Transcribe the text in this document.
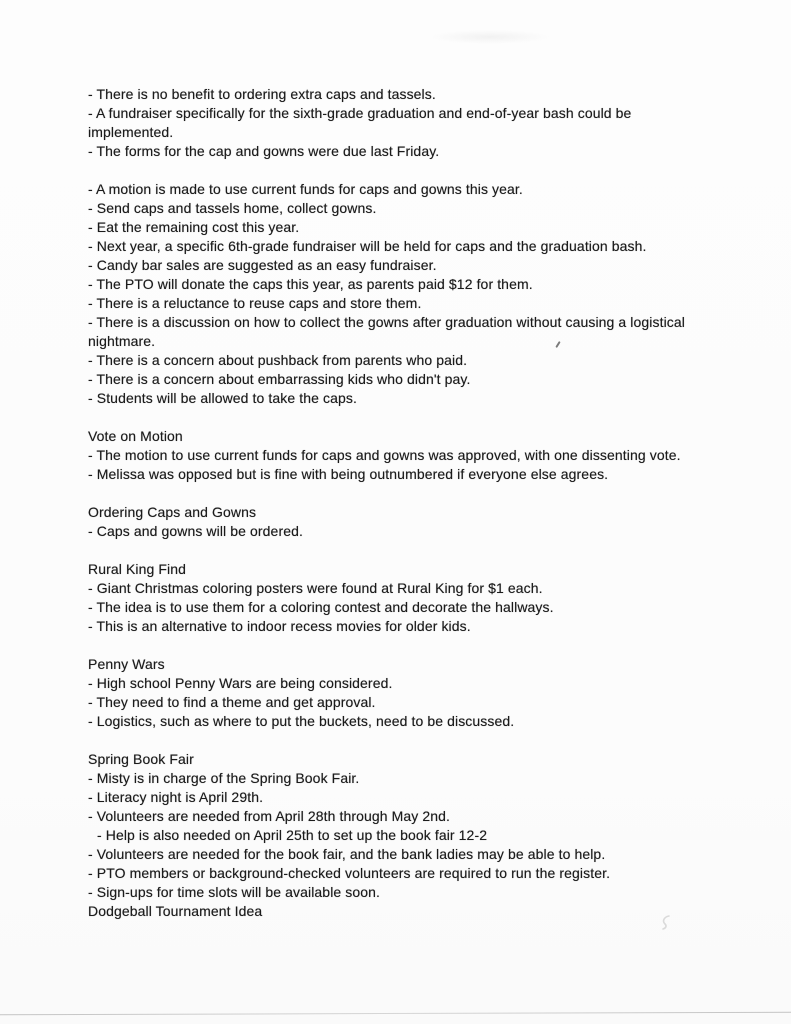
- There is no benefit to ordering extra caps and tassels.
- A fundraiser specifically for the sixth-grade graduation and end-of-year bash could be implemented.
- The forms for the cap and gowns were due last Friday.
- A motion is made to use current funds for caps and gowns this year.
- Send caps and tassels home, collect gowns.
- Eat the remaining cost this year.
- Next year, a specific 6th-grade fundraiser will be held for caps and the graduation bash.
- Candy bar sales are suggested as an easy fundraiser.
- The PTO will donate the caps this year, as parents paid $12 for them.
- There is a reluctance to reuse caps and store them.
- There is a discussion on how to collect the gowns after graduation without causing a logistical nightmare.
- There is a concern about pushback from parents who paid.
- There is a concern about embarrassing kids who didn't pay.
- Students will be allowed to take the caps.
Vote on Motion
- The motion to use current funds for caps and gowns was approved, with one dissenting vote.
- Melissa was opposed but is fine with being outnumbered if everyone else agrees.
Ordering Caps and Gowns
- Caps and gowns will be ordered.
Rural King Find
- Giant Christmas coloring posters were found at Rural King for $1 each.
- The idea is to use them for a coloring contest and decorate the hallways.
- This is an alternative to indoor recess movies for older kids.
Penny Wars
- High school Penny Wars are being considered.
- They need to find a theme and get approval.
- Logistics, such as where to put the buckets, need to be discussed.
Spring Book Fair
- Misty is in charge of the Spring Book Fair.
- Literacy night is April 29th.
- Volunteers are needed from April 28th through May 2nd.
- Help is also needed on April 25th to set up the book fair 12-2
- Volunteers are needed for the book fair, and the bank ladies may be able to help.
- PTO members or background-checked volunteers are required to run the register.
- Sign-ups for time slots will be available soon.
Dodgeball Tournament Idea
